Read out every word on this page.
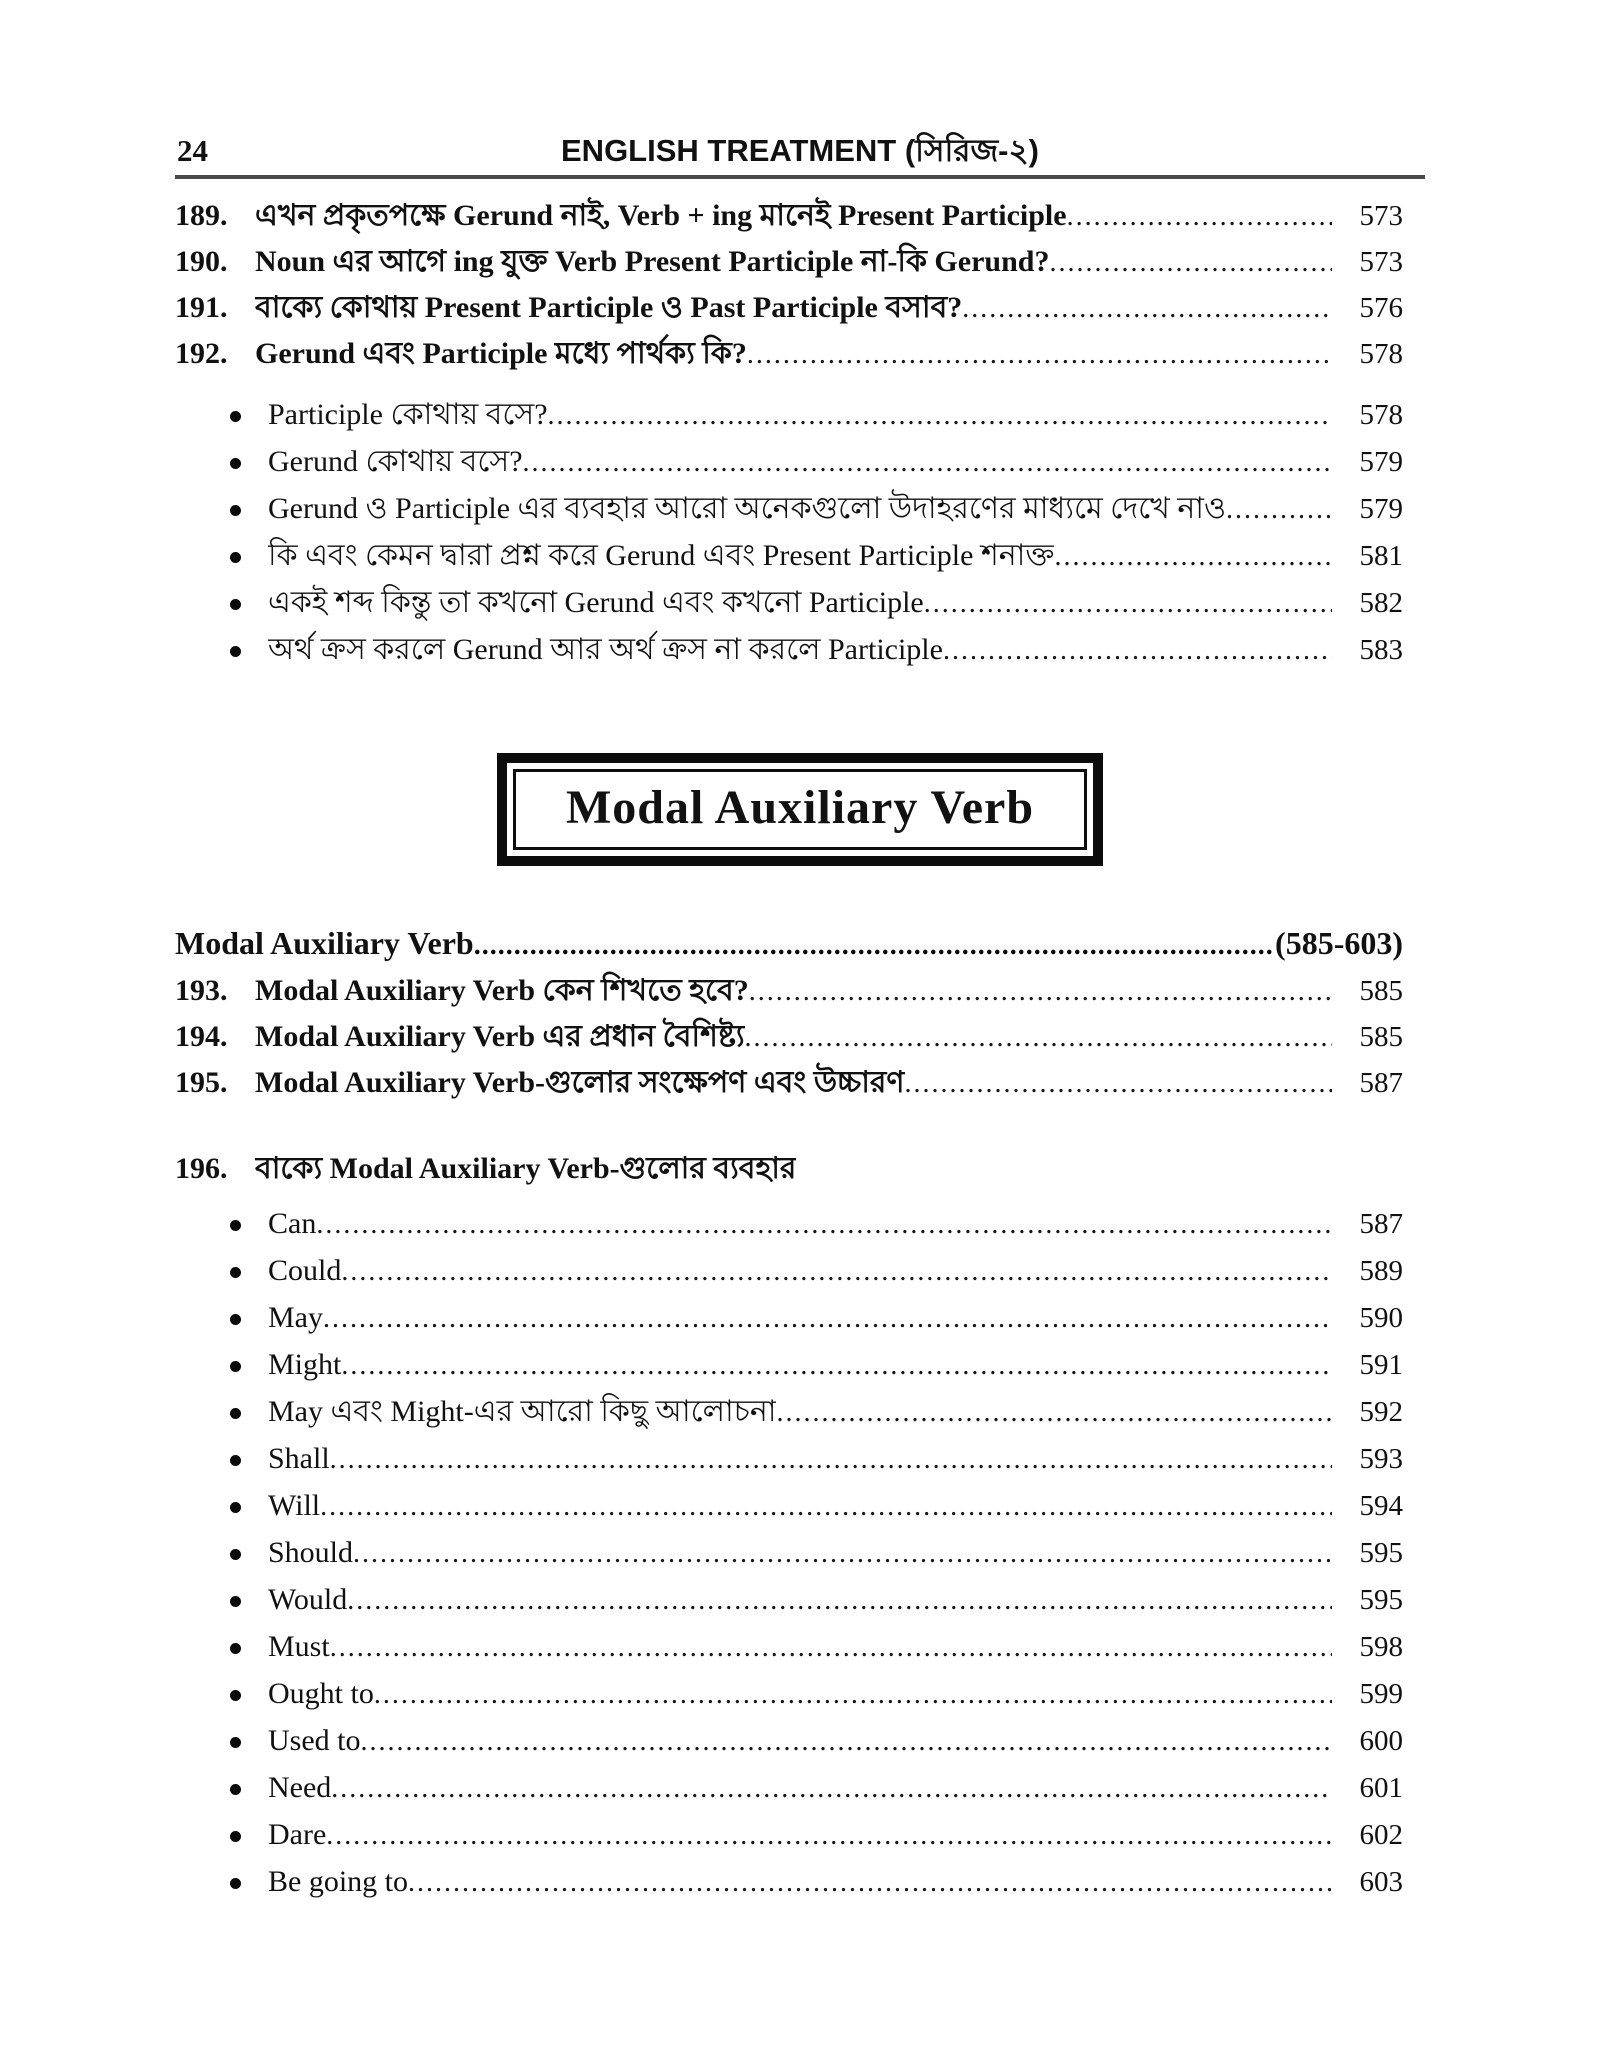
24	ENGLISH TREATMENT (সিরিজ-২)
189. এখন প্রকৃতপক্ষে Gerund নাই, Verb + ing মানেই Present Participle .....	573
190. Noun এর আগে ing যুক্ত Verb Present Participle না-কি Gerund? .....	573
191. বাক্যে কোথায় Present Participle ও Past Participle বসাব? .....	576
192. Gerund এবং Participle মধ্যে পার্থক্য কি? .....	578
Participle কোথায় বসে? .....	578
Gerund কোথায় বসে? .....	579
Gerund ও Participle এর ব্যবহার আরো অনেকগুলো উদাহরণের মাধ্যমে দেখে নাও .....	579
কি এবং কেমন দ্বারা প্রশ্ন করে Gerund এবং Present Participle শনাক্ত .....	581
একই শব্দ কিন্তু তা কখনো Gerund এবং কখনো Participle .....	582
অর্থ ক্রস করলে Gerund আর অর্থ ক্রস না করলে Participle .....	583
Modal Auxiliary Verb
Modal Auxiliary Verb .....	(585-603)
193. Modal Auxiliary Verb কেন শিখতে হবে? .....	585
194. Modal Auxiliary Verb এর প্রধান বৈশিষ্ট্য .....	585
195. Modal Auxiliary Verb-গুলোর সংক্ষেপণ এবং উচ্চারণ .....	587
196. বাক্যে Modal Auxiliary Verb-গুলোর ব্যবহার
Can .....	587
Could .....	589
May .....	590
Might .....	591
May এবং Might-এর আরো কিছু আলোচনা .....	592
Shall .....	593
Will .....	594
Should .....	595
Would .....	595
Must .....	598
Ought to .....	599
Used to .....	600
Need .....	601
Dare .....	602
Be going to .....	603
